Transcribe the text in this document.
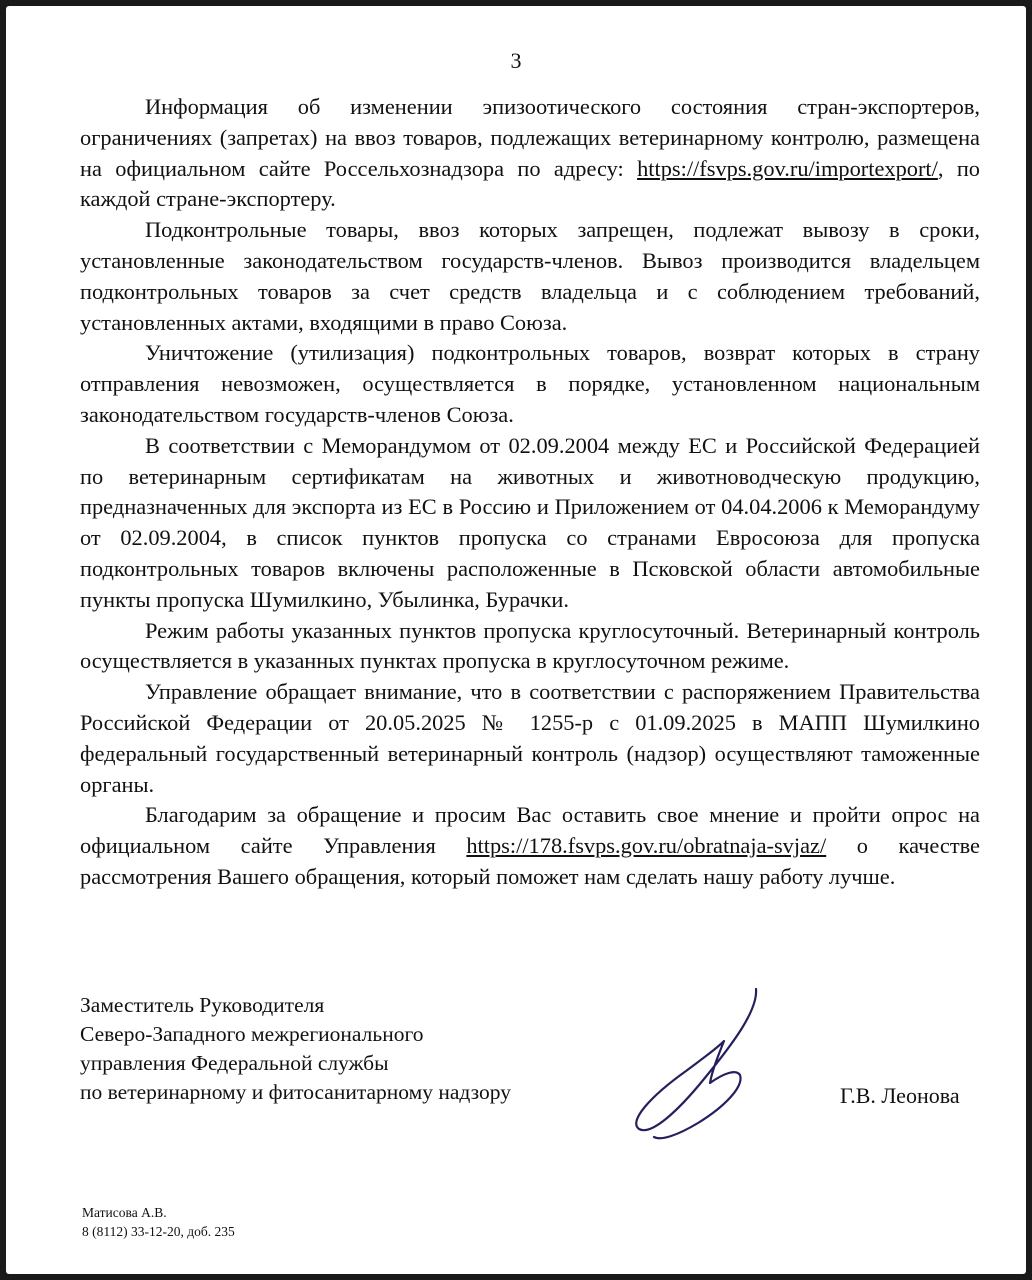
3

Информация об изменении эпизоотического состояния стран-экспортеров, ограничениях (запретах) на ввоз товаров, подлежащих ветеринарному контролю, размещена на официальном сайте Россельхознадзора по адресу: https://fsvps.gov.ru/importexport/, по каждой стране-экспортеру.

Подконтрольные товары, ввоз которых запрещен, подлежат вывозу в сроки, установленные законодательством государств-членов. Вывоз производится владельцем подконтрольных товаров за счет средств владельца и с соблюдением требований, установленных актами, входящими в право Союза.

Уничтожение (утилизация) подконтрольных товаров, возврат которых в страну отправления невозможен, осуществляется в порядке, установленном национальным законодательством государств-членов Союза.

В соответствии с Меморандумом от 02.09.2004 между ЕС и Российской Федерацией по ветеринарным сертификатам на животных и животноводческую продукцию, предназначенных для экспорта из ЕС в Россию и Приложением от 04.04.2006 к Меморандуму от 02.09.2004, в список пунктов пропуска со странами Евросоюза для пропуска подконтрольных товаров включены расположенные в Псковской области автомобильные пункты пропуска Шумилкино, Убылинка, Бурачки.

Режим работы указанных пунктов пропуска круглосуточный. Ветеринарный контроль осуществляется в указанных пунктах пропуска в круглосуточном режиме.

Управление обращает внимание, что в соответствии с распоряжением Правительства Российской Федерации от 20.05.2025 № 1255-р с 01.09.2025 в МАПП Шумилкино федеральный государственный ветеринарный контроль (надзор) осуществляют таможенные органы.

Благодарим за обращение и просим Вас оставить свое мнение и пройти опрос на официальном сайте Управления https://178.fsvps.gov.ru/obratnaja-svjaz/ о качестве рассмотрения Вашего обращения, который поможет нам сделать нашу работу лучше.

Заместитель Руководителя
Северо-Западного межрегионального
управления Федеральной службы
по ветеринарному и фитосанитарному надзору	Г.В. Леонова
Матисова А.В.
8 (8112) 33-12-20, доб. 235
